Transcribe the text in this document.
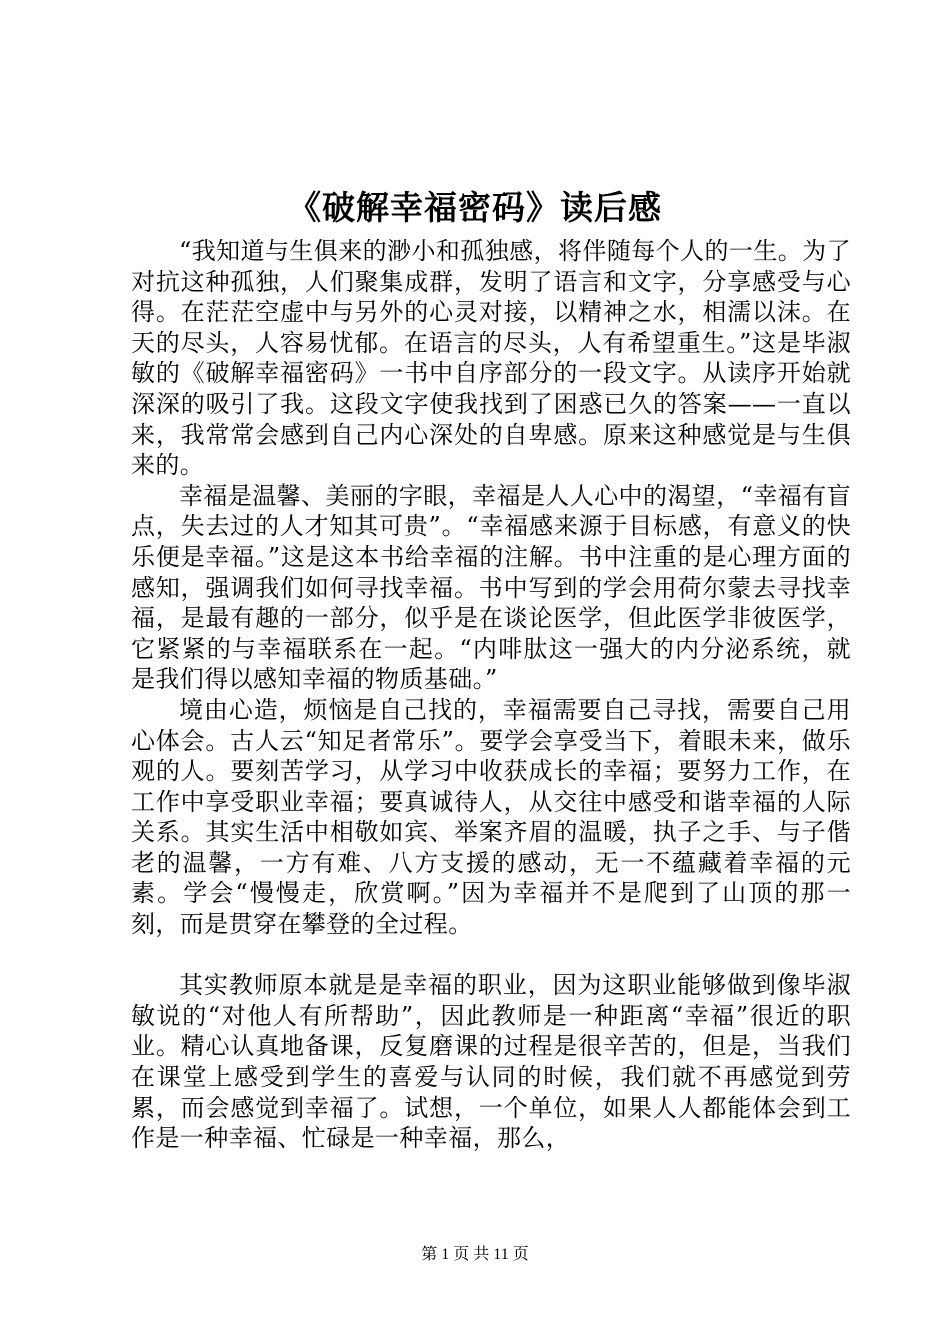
《破解幸福密码》读后感

“我知道与生俱来的渺小和孤独感，将伴随每个人的一生。为了对抗这种孤独，人们聚集成群，发明了语言和文字，分享感受与心得。在茫茫空虚中与另外的心灵对接，以精神之水，相濡以沫。在天的尽头，人容易忧郁。在语言的尽头，人有希望重生。”这是毕淑敏的《破解幸福密码》一书中自序部分的一段文字。从读序开始就深深的吸引了我。这段文字使我找到了困惑已久的答案——一直以来，我常常会感到自己内心深处的自卑感。原来这种感觉是与生俱来的。

幸福是温馨、美丽的字眼，幸福是人人心中的渴望，“幸福有盲点，失去过的人才知其可贵”。“幸福感来源于目标感，有意义的快乐便是幸福。”这是这本书给幸福的注解。书中注重的是心理方面的感知，强调我们如何寻找幸福。书中写到的学会用荷尔蒙去寻找幸福，是最有趣的一部分，似乎是在谈论医学，但此医学非彼医学，它紧紧的与幸福联系在一起。“内啡肽这一强大的内分泌系统，就是我们得以感知幸福的物质基础。”

境由心造，烦恼是自己找的，幸福需要自己寻找，需要自己用心体会。古人云“知足者常乐”。要学会享受当下，着眼未来，做乐观的人。要刻苦学习，从学习中收获成长的幸福；要努力工作，在工作中享受职业幸福；要真诚待人，从交往中感受和谐幸福的人际关系。其实生活中相敬如宾、举案齐眉的温暖，执子之手、与子偕老的温馨，一方有难、八方支援的感动，无一不蕴藏着幸福的元素。学会“慢慢走，欣赏啊。”因为幸福并不是爬到了山顶的那一刻，而是贯穿在攀登的全过程。

其实教师原本就是是幸福的职业，因为这职业能够做到像毕淑敏说的“对他人有所帮助”，因此教师是一种距离“幸福”很近的职业。精心认真地备课，反复磨课的过程是很辛苦的，但是，当我们在课堂上感受到学生的喜爱与认同的时候，我们就不再感觉到劳累，而会感觉到幸福了。试想，一个单位，如果人人都能体会到工作是一种幸福、忙碌是一种幸福，那么，

第 1 页 共 11 页
